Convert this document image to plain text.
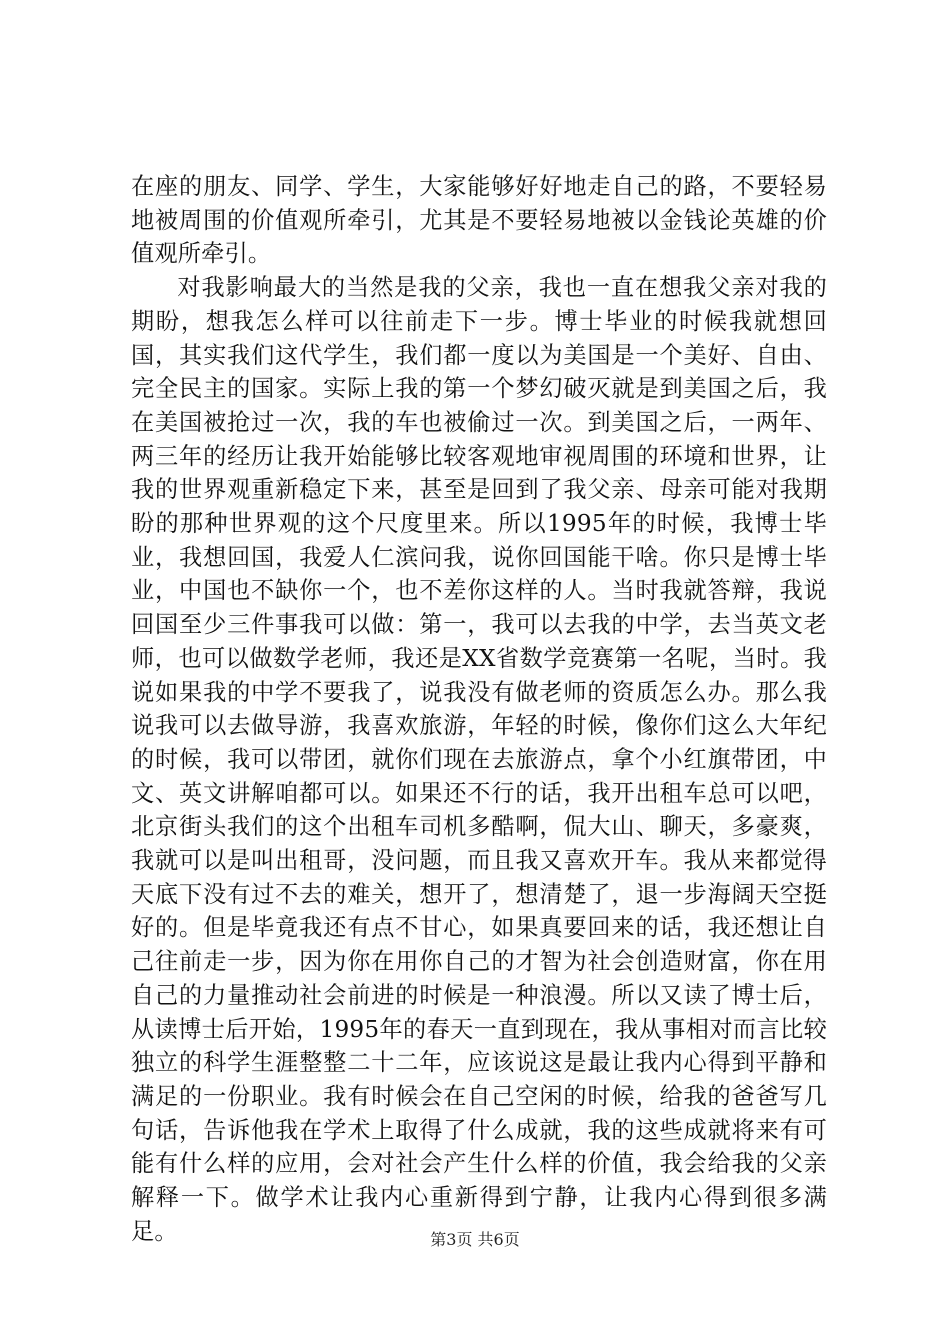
在座的朋友、同学、学生，大家能够好好地走自己的路，不要轻易地被周围的价值观所牵引，尤其是不要轻易地被以金钱论英雄的价值观所牵引。

对我影响最大的当然是我的父亲，我也一直在想我父亲对我的期盼，想我怎么样可以往前走下一步。博士毕业的时候我就想回国，其实我们这代学生，我们都一度以为美国是一个美好、自由、完全民主的国家。实际上我的第一个梦幻破灭就是到美国之后，我在美国被抢过一次，我的车也被偷过一次。到美国之后，一两年、两三年的经历让我开始能够比较客观地审视周围的环境和世界，让我的世界观重新稳定下来，甚至是回到了我父亲、母亲可能对我期盼的那种世界观的这个尺度里来。所以1995年的时候，我博士毕业，我想回国，我爱人仁滨问我，说你回国能干啥。你只是博士毕业，中国也不缺你一个，也不差你这样的人。当时我就答辩，我说回国至少三件事我可以做：第一，我可以去我的中学，去当英文老师，也可以做数学老师，我还是XX省数学竞赛第一名呢，当时。我说如果我的中学不要我了，说我没有做老师的资质怎么办。那么我说我可以去做导游，我喜欢旅游，年轻的时候，像你们这么大年纪的时候，我可以带团，就你们现在去旅游点，拿个小红旗带团，中文、英文讲解咱都可以。如果还不行的话，我开出租车总可以吧，北京街头我们的这个出租车司机多酷啊，侃大山、聊天，多豪爽，我就可以是叫出租哥，没问题，而且我又喜欢开车。我从来都觉得天底下没有过不去的难关，想开了，想清楚了，退一步海阔天空挺好的。但是毕竟我还有点不甘心，如果真要回来的话，我还想让自己往前走一步，因为你在用你自己的才智为社会创造财富，你在用自己的力量推动社会前进的时候是一种浪漫。所以又读了博士后，从读博士后开始，1995年的春天一直到现在，我从事相对而言比较独立的科学生涯整整二十二年，应该说这是最让我内心得到平静和满足的一份职业。我有时候会在自己空闲的时候，给我的爸爸写几句话，告诉他我在学术上取得了什么成就，我的这些成就将来有可能有什么样的应用，会对社会产生什么样的价值，我会给我的父亲解释一下。做学术让我内心重新得到宁静，让我内心得到很多满足。	第3页 共6页
